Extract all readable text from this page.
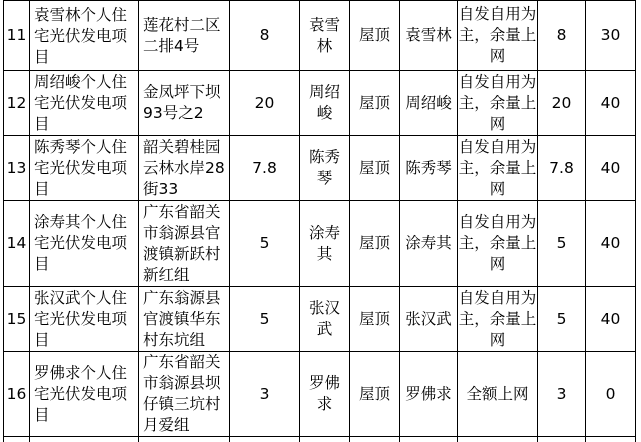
11	袁雪林个人住宅光伏发电项目	莲花村二区二排4号	8	袁雪林	屋顶	袁雪林	自发自用为主，余量上网	8	30
12	周绍峻个人住宅光伏发电项目	金凤坪下坝93号之2	20	周绍峻	屋顶	周绍峻	自发自用为主，余量上网	20	40
13	陈秀琴个人住宅光伏发电项目	韶关碧桂园云林水岸28街33	7.8	陈秀琴	屋顶	陈秀琴	自发自用为主，余量上网	7.8	40
14	涂寿其个人住宅光伏发电项目	广东省韶关市翁源县官渡镇新跃村新红组	5	涂寿其	屋顶	涂寿其	自发自用为主，余量上网	5	40
15	张汉武个人住宅光伏发电项目	广东翁源县官渡镇华东村东坑组	5	张汉武	屋顶	张汉武	自发自用为主，余量上网	5	40
16	罗佛求个人住宅光伏发电项目	广东省韶关市翁源县坝仔镇三坑村月爱组	3	罗佛求	屋顶	罗佛求	全额上网	3	0
